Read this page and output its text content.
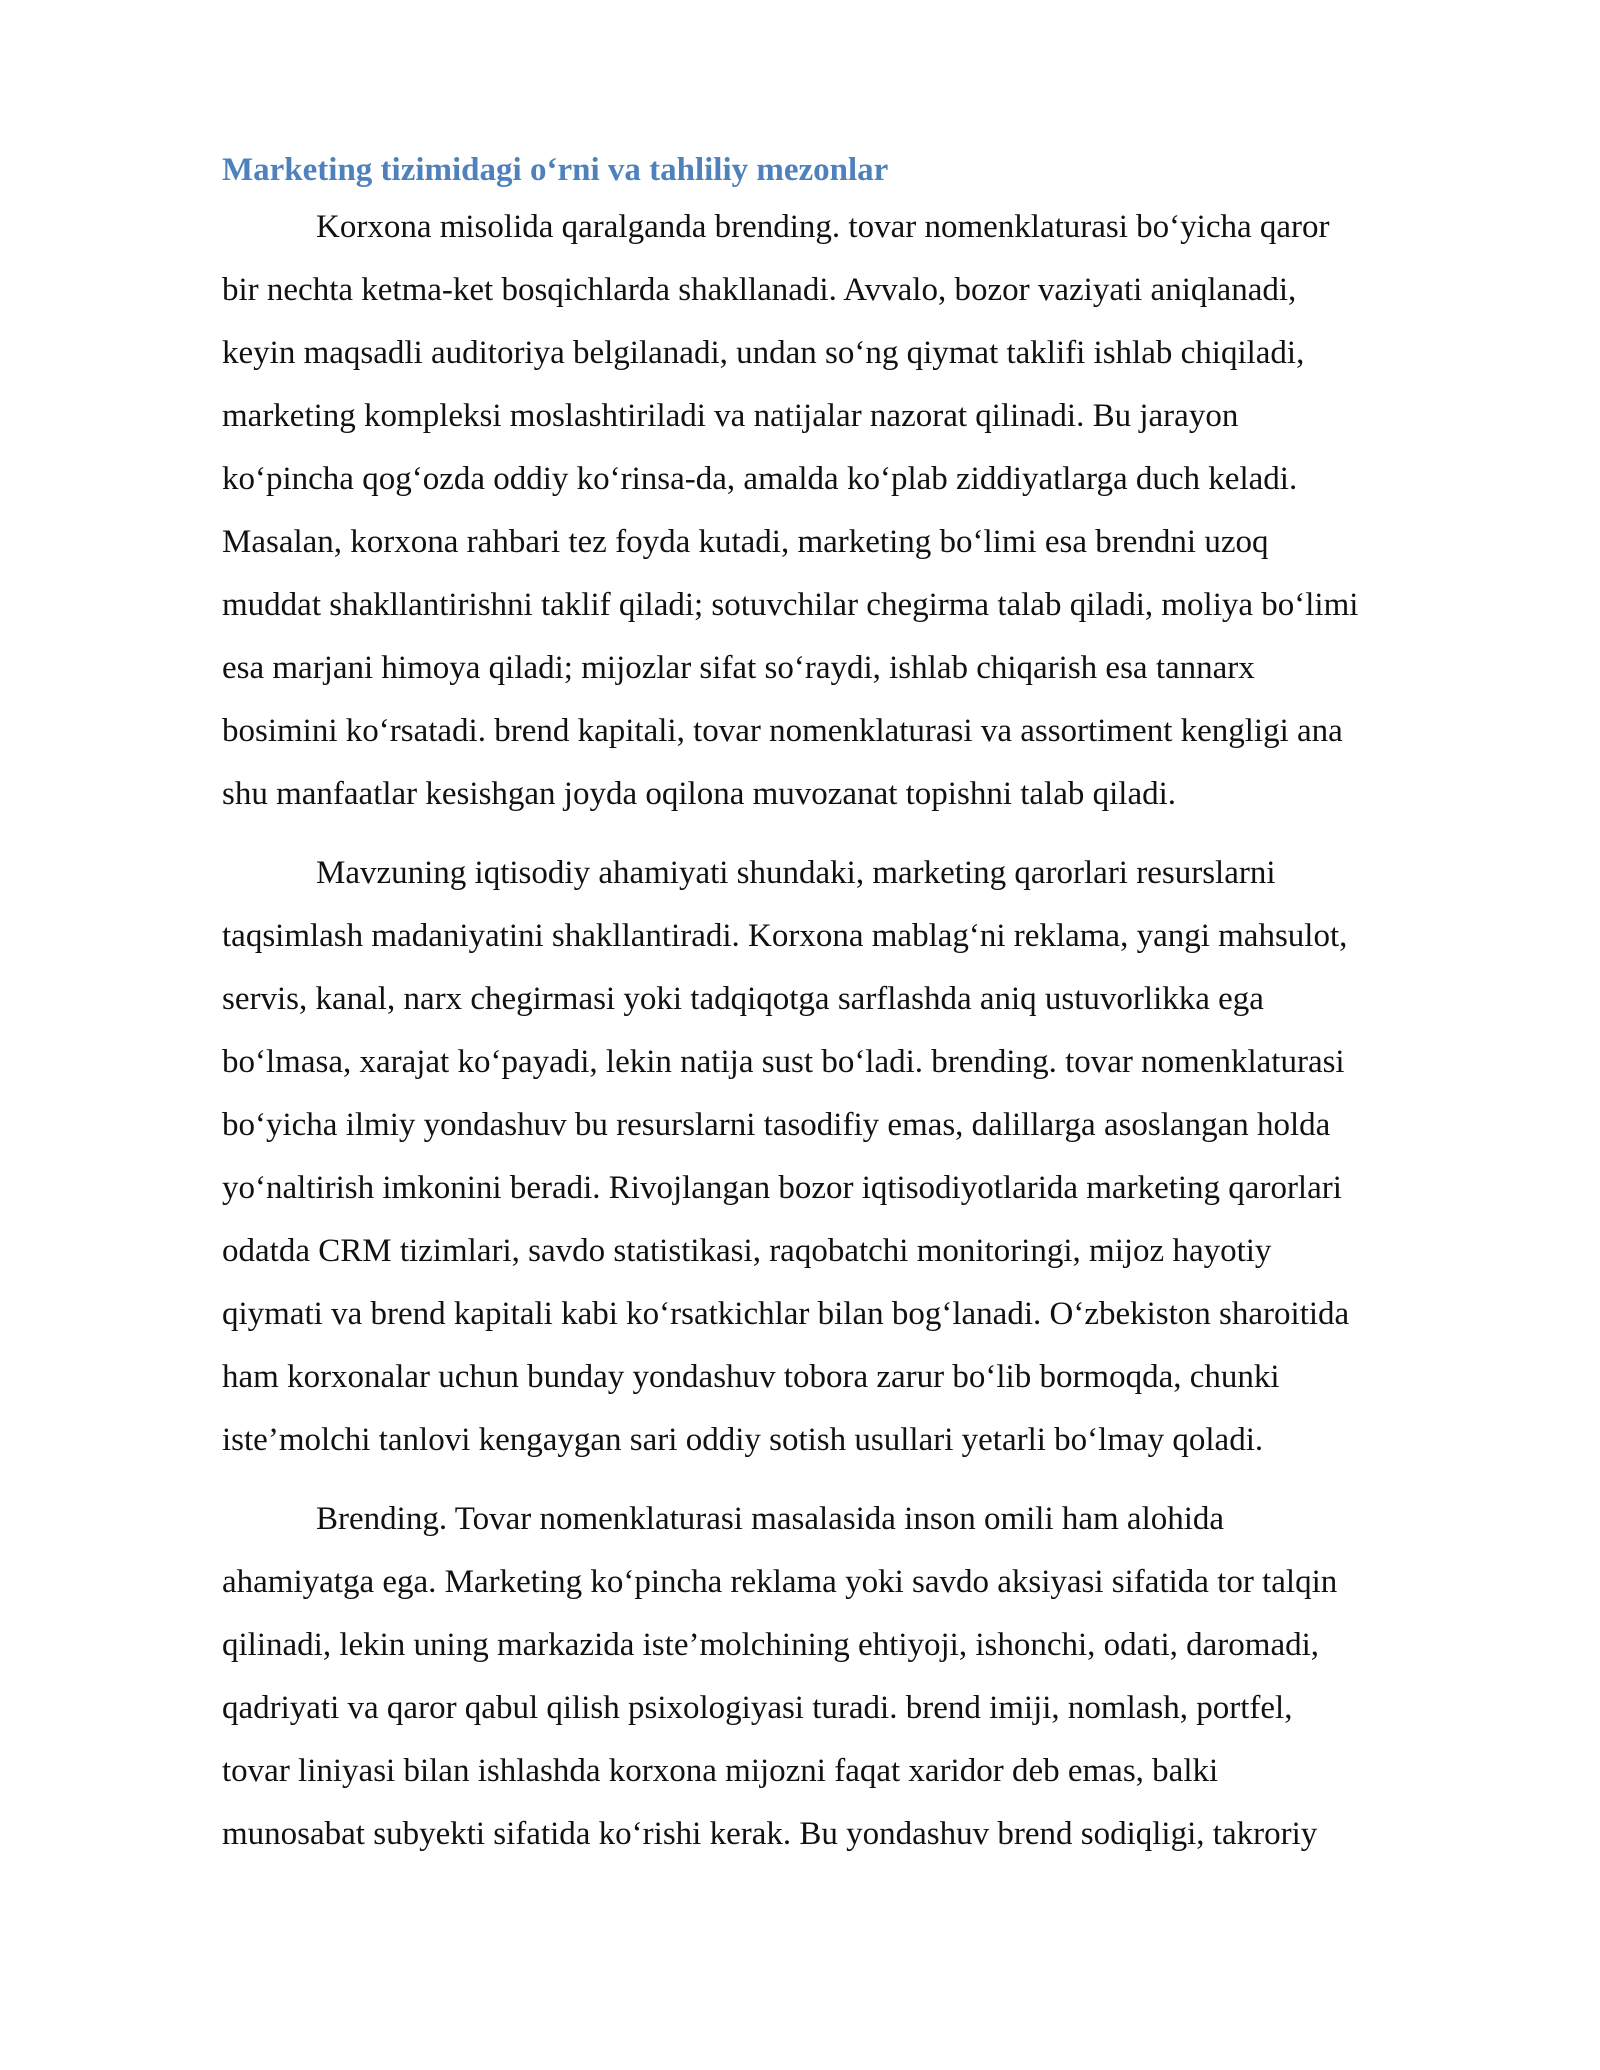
Marketing tizimidagi o‘rni va tahliliy mezonlar

Korxona misolida qaralganda brending. tovar nomenklaturasi bo‘yicha qaror
bir nechta ketma-ket bosqichlarda shakllanadi. Avvalo, bozor vaziyati aniqlanadi,
keyin maqsadli auditoriya belgilanadi, undan so‘ng qiymat taklifi ishlab chiqiladi,
marketing kompleksi moslashtiriladi va natijalar nazorat qilinadi. Bu jarayon
ko‘pincha qog‘ozda oddiy ko‘rinsa-da, amalda ko‘plab ziddiyatlarga duch keladi.
Masalan, korxona rahbari tez foyda kutadi, marketing bo‘limi esa brendni uzoq
muddat shakllantirishni taklif qiladi; sotuvchilar chegirma talab qiladi, moliya bo‘limi
esa marjani himoya qiladi; mijozlar sifat so‘raydi, ishlab chiqarish esa tannarx
bosimini ko‘rsatadi. brend kapitali, tovar nomenklaturasi va assortiment kengligi ana
shu manfaatlar kesishgan joyda oqilona muvozanat topishni talab qiladi.

Mavzuning iqtisodiy ahamiyati shundaki, marketing qarorlari resurslarni
taqsimlash madaniyatini shakllantiradi. Korxona mablag‘ni reklama, yangi mahsulot,
servis, kanal, narx chegirmasi yoki tadqiqotga sarflashda aniq ustuvorlikka ega
bo‘lmasa, xarajat ko‘payadi, lekin natija sust bo‘ladi. brending. tovar nomenklaturasi
bo‘yicha ilmiy yondashuv bu resurslarni tasodifiy emas, dalillarga asoslangan holda
yo‘naltirish imkonini beradi. Rivojlangan bozor iqtisodiyotlarida marketing qarorlari
odatda CRM tizimlari, savdo statistikasi, raqobatchi monitoringi, mijoz hayotiy
qiymati va brend kapitali kabi ko‘rsatkichlar bilan bog‘lanadi. O‘zbekiston sharoitida
ham korxonalar uchun bunday yondashuv tobora zarur bo‘lib bormoqda, chunki
iste’molchi tanlovi kengaygan sari oddiy sotish usullari yetarli bo‘lmay qoladi.

Brending. Tovar nomenklaturasi masalasida inson omili ham alohida
ahamiyatga ega. Marketing ko‘pincha reklama yoki savdo aksiyasi sifatida tor talqin
qilinadi, lekin uning markazida iste’molchining ehtiyoji, ishonchi, odati, daromadi,
qadriyati va qaror qabul qilish psixologiyasi turadi. brend imiji, nomlash, portfel,
tovar liniyasi bilan ishlashda korxona mijozni faqat xaridor deb emas, balki
munosabat subyekti sifatida ko‘rishi kerak. Bu yondashuv brend sodiqligi, takroriy
